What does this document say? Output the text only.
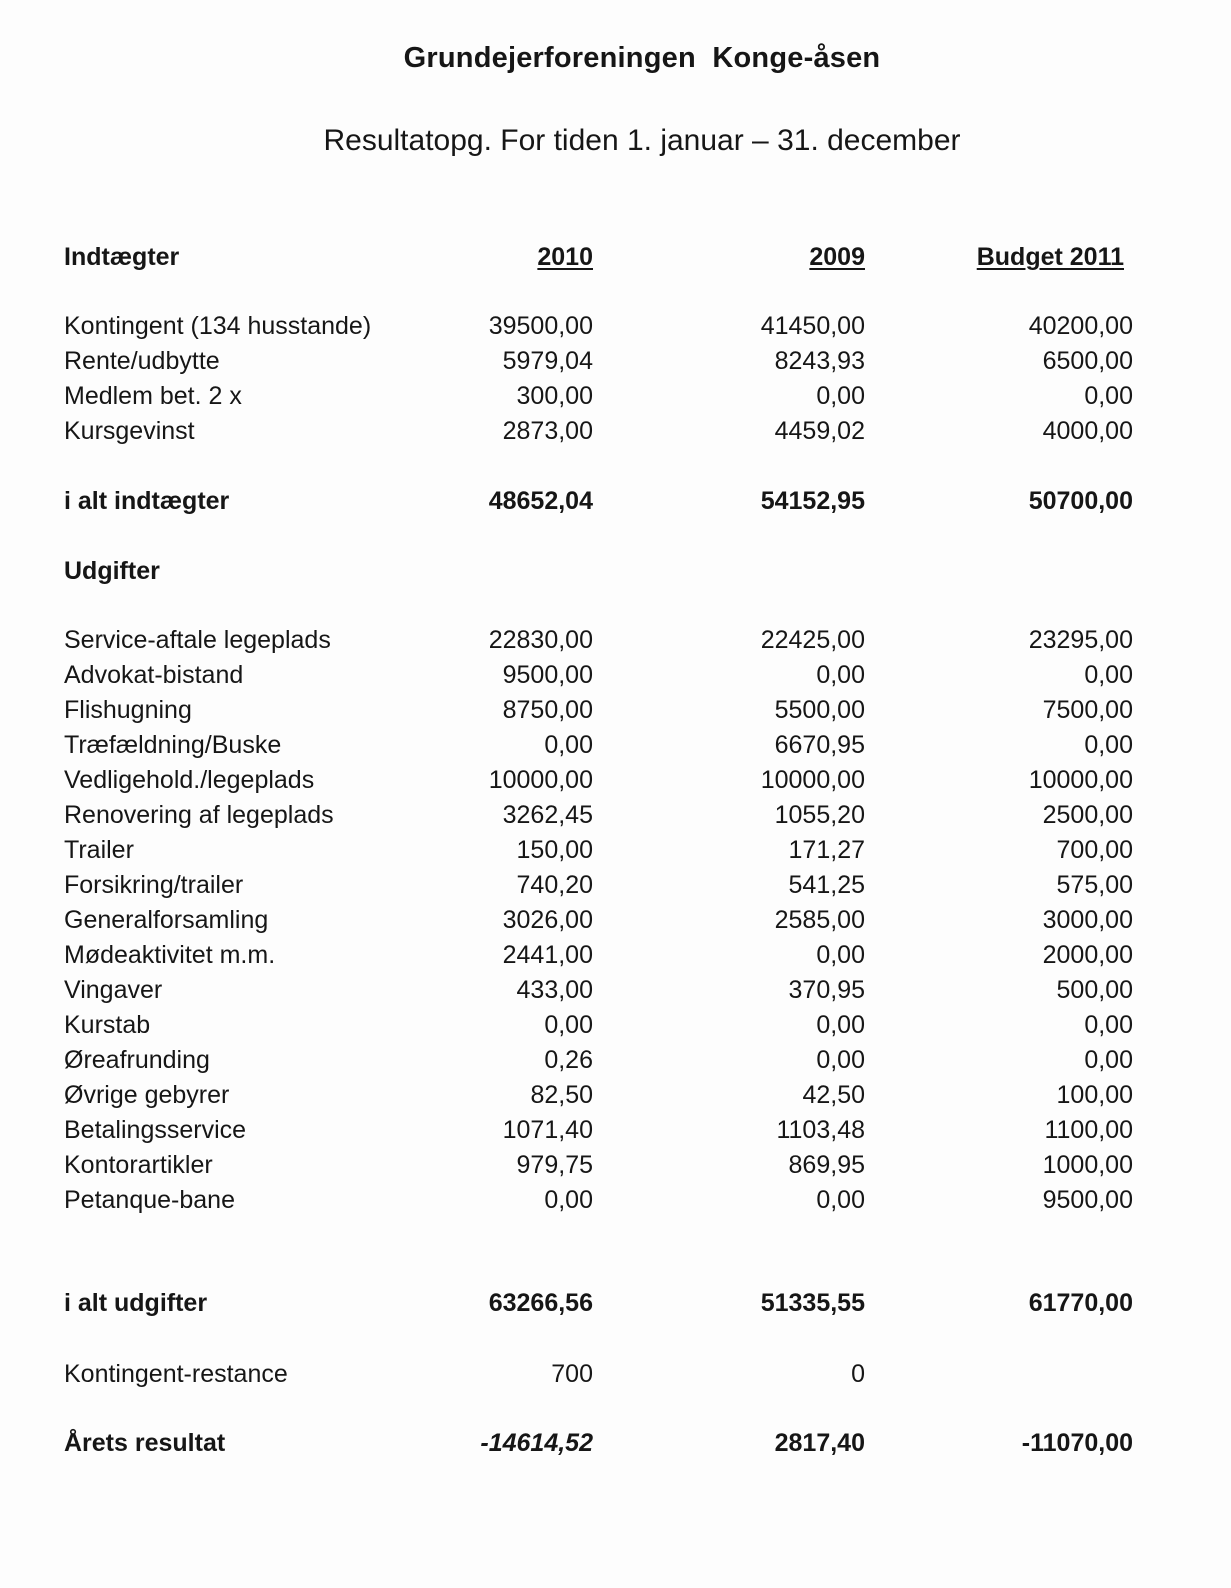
Grundejerforeningen  Konge-åsen
Resultatopg. For tiden 1. januar – 31. december
Indtægter	2010	2009	Budget 2011
Kontingent (134 husstande)	39500,00	41450,00	40200,00
Rente/udbytte	5979,04	8243,93	6500,00
Medlem bet. 2 x	300,00	0,00	0,00
Kursgevinst	2873,00	4459,02	4000,00
i alt indtægter	48652,04	54152,95	50700,00
Udgifter
Service-aftale legeplads	22830,00	22425,00	23295,00
Advokat-bistand	9500,00	0,00	0,00
Flishugning	8750,00	5500,00	7500,00
Træfældning/Buske	0,00	6670,95	0,00
Vedligehold./legeplads	10000,00	10000,00	10000,00
Renovering af legeplads	3262,45	1055,20	2500,00
Trailer	150,00	171,27	700,00
Forsikring/trailer	740,20	541,25	575,00
Generalforsamling	3026,00	2585,00	3000,00
Mødeaktivitet m.m.	2441,00	0,00	2000,00
Vingaver	433,00	370,95	500,00
Kurstab	0,00	0,00	0,00
Øreafrunding	0,26	0,00	0,00
Øvrige gebyrer	82,50	42,50	100,00
Betalingsservice	1071,40	1103,48	1100,00
Kontorartikler	979,75	869,95	1000,00
Petanque-bane	0,00	0,00	9500,00
i alt udgifter	63266,56	51335,55	61770,00
Kontingent-restance	700	0
Årets resultat	-14614,52	2817,40	-11070,00
